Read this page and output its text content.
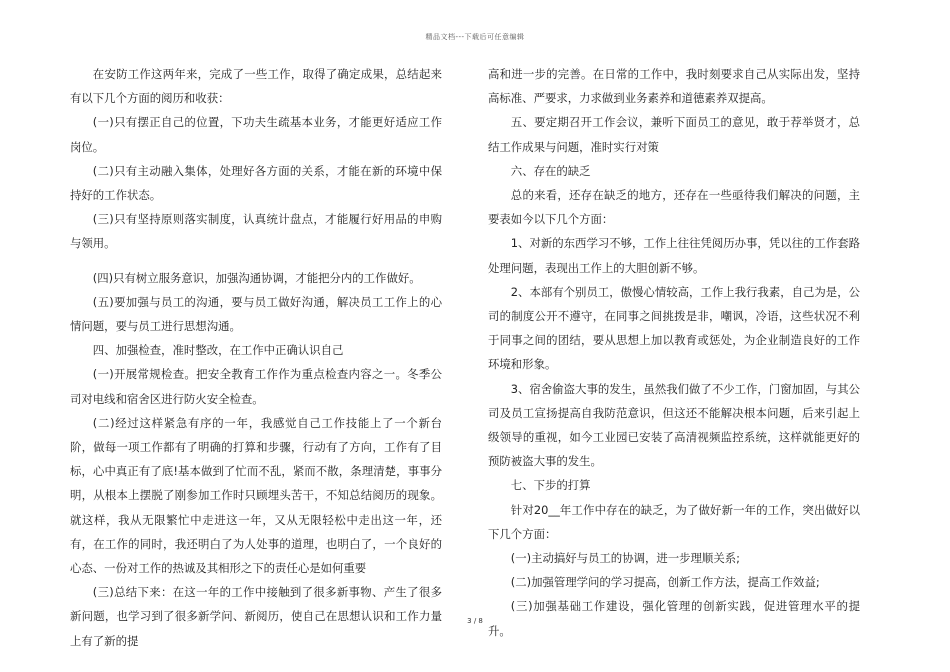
精品文档---下载后可任意编辑

在安防工作这两年来，完成了一些工作，取得了确定成果，总结起来有以下几个方面的阅历和收获：

(一)只有摆正自己的位置，下功夫生疏基本业务，才能更好适应工作岗位。

(二)只有主动融入集体，处理好各方面的关系，才能在新的环境中保持好的工作状态。

(三)只有坚持原则落实制度，认真统计盘点，才能履行好用品的申购与领用。

(四)只有树立服务意识，加强沟通协调，才能把分内的工作做好。

(五)要加强与员工的沟通，要与员工做好沟通，解决员工工作上的心情问题，要与员工进行思想沟通。

四、加强检查，准时整改，在工作中正确认识自己

(一)开展常规检查。把安全教育工作作为重点检查内容之一。冬季公司对电线和宿舍区进行防火安全检查。

(二)经过这样紧急有序的一年，我感觉自己工作技能上了一个新台阶，做每一项工作都有了明确的打算和步骤，行动有了方向，工作有了目标，心中真正有了底!基本做到了忙而不乱，紧而不散，条理清楚，事事分明，从根本上摆脱了刚参加工作时只顾埋头苦干，不知总结阅历的现象。就这样，我从无限繁忙中走进这一年，又从无限轻松中走出这一年，还有，在工作的同时，我还明白了为人处事的道理，也明白了，一个良好的心态、一份对工作的热诚及其相形之下的责任心是如何重要

(三)总结下来：在这一年的工作中接触到了很多新事物、产生了很多新问题，也学习到了很多新学问、新阅历，使自己在思想认识和工作力量上有了新的提

高和进一步的完善。在日常的工作中，我时刻要求自己从实际出发，坚持高标准、严要求，力求做到业务素养和道德素养双提高。

五、要定期召开工作会议，兼听下面员工的意见，敢于荐举贤才，总结工作成果与问题，准时实行对策

六、存在的缺乏

总的来看，还存在缺乏的地方，还存在一些亟待我们解决的问题，主要表如今以下几个方面：

1、对新的东西学习不够，工作上往往凭阅历办事，凭以往的工作套路处理问题，表现出工作上的大胆创新不够。

2、本部有个别员工，傲慢心情较高，工作上我行我素，自己为是，公司的制度公开不遵守，在同事之间挑拨是非，嘲讽，冷语，这些状况不利于同事之间的团结，要从思想上加以教育或惩处，为企业制造良好的工作环境和形象。

3、宿舍偷盗大事的发生，虽然我们做了不少工作，门窗加固，与其公司及员工宣扬提高自我防范意识，但这还不能解决根本问题，后来引起上级领导的重视，如今工业园已安装了高清视频监控系统，这样就能更好的预防被盗大事的发生。

七、下步的打算

针对20__年工作中存在的缺乏，为了做好新一年的工作，突出做好以下几个方面：

(一)主动搞好与员工的协调，进一步理顺关系;

(二)加强管理学问的学习提高，创新工作方法，提高工作效益;

(三)加强基础工作建设，强化管理的创新实践，促进管理水平的提升。

3 / 8
